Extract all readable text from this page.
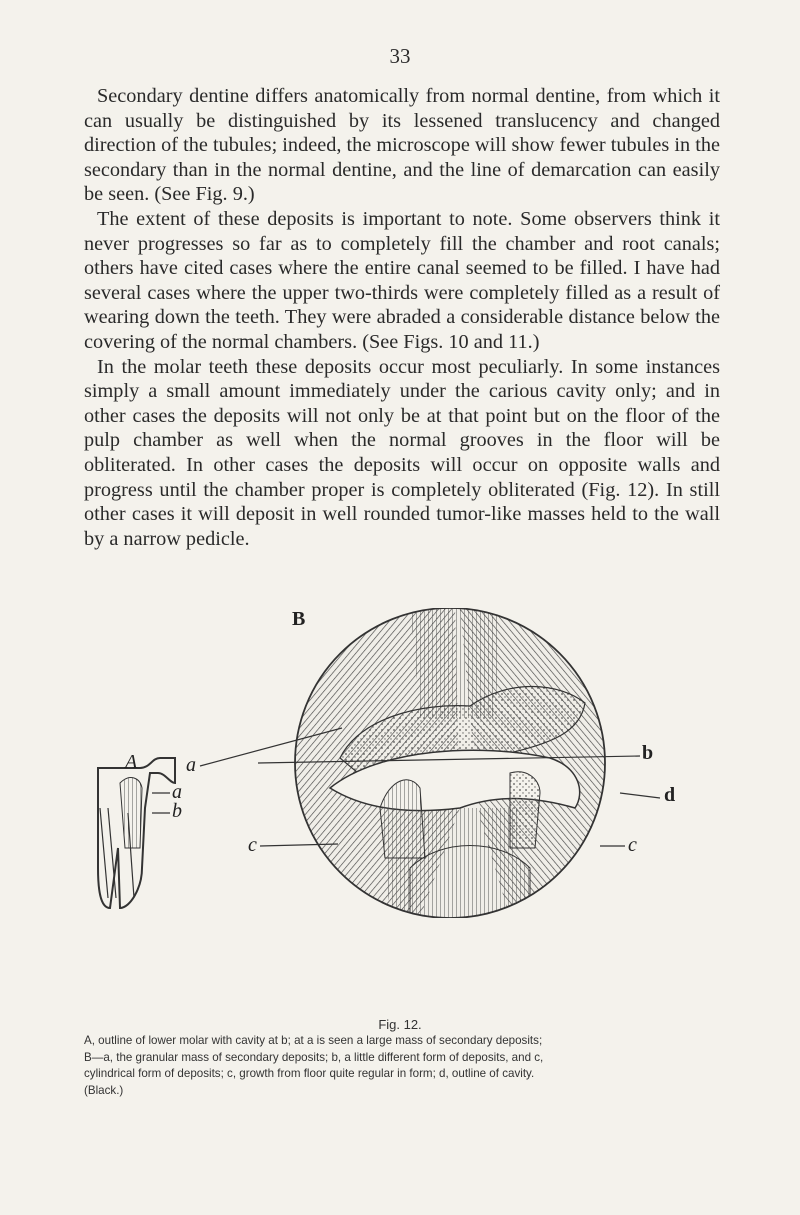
33

Secondary dentine differs anatomically from normal dentine, from which it can usually be distinguished by its lessened translucency and changed direction of the tubules; indeed, the microscope will show fewer tubules in the secondary than in the normal dentine, and the line of demarcation can easily be seen. (See Fig. 9.)

The extent of these deposits is important to note. Some observers think it never progresses so far as to completely fill the chamber and root canals; others have cited cases where the entire canal seemed to be filled. I have had several cases where the upper two-thirds were completely filled as a result of wearing down the teeth. They were abraded a considerable distance below the covering of the normal chambers. (See Figs. 10 and 11.)

In the molar teeth these deposits occur most peculiarly. In some instances simply a small amount immediately under the carious cavity only; and in other cases the deposits will not only be at that point but on the floor of the pulp chamber as well when the normal grooves in the floor will be obliterated. In other cases the deposits will occur on opposite walls and progress until the chamber proper is completely obliterated (Fig. 12). In still other cases it will deposit in well rounded tumor-like masses held to the wall by a narrow pedicle.

A a
a
b
B
b
d
c	c
Fig. 12.
A, outline of lower molar with cavity at b; at a is seen a large mass of secondary deposits;
B—a, the granular mass of secondary deposits; b, a little different form of deposits, and c,
cylindrical form of deposits; c, growth from floor quite regular in form; d, outline of cavity.
(Black.)
